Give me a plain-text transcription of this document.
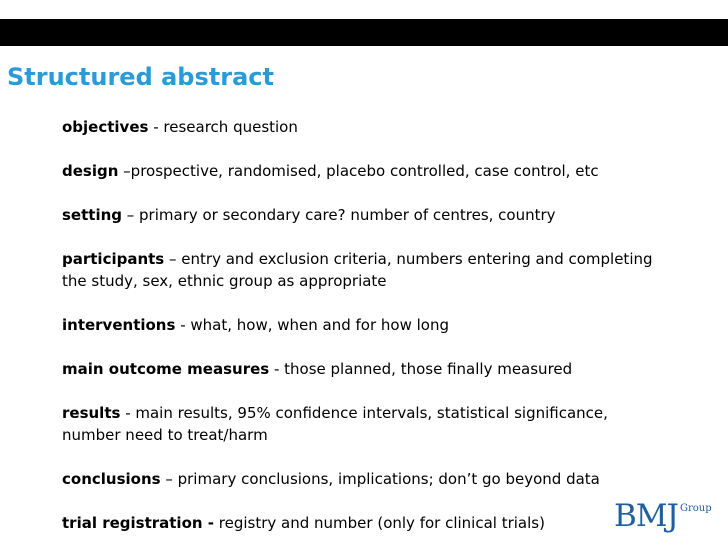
Structured abstract
objectives - research question
design –prospective, randomised, placebo controlled, case control, etc
setting – primary or secondary care? number of centres, country
participants – entry and exclusion criteria, numbers entering and completing the study, sex, ethnic group as appropriate
interventions - what, how, when and for how long
main outcome measures - those planned, those finally measured
results - main results, 95% confidence intervals, statistical significance, number need to treat/harm
conclusions – primary conclusions, implications; don’t go beyond data
trial registration - registry and number (only for clinical trials)	BMJ Group
